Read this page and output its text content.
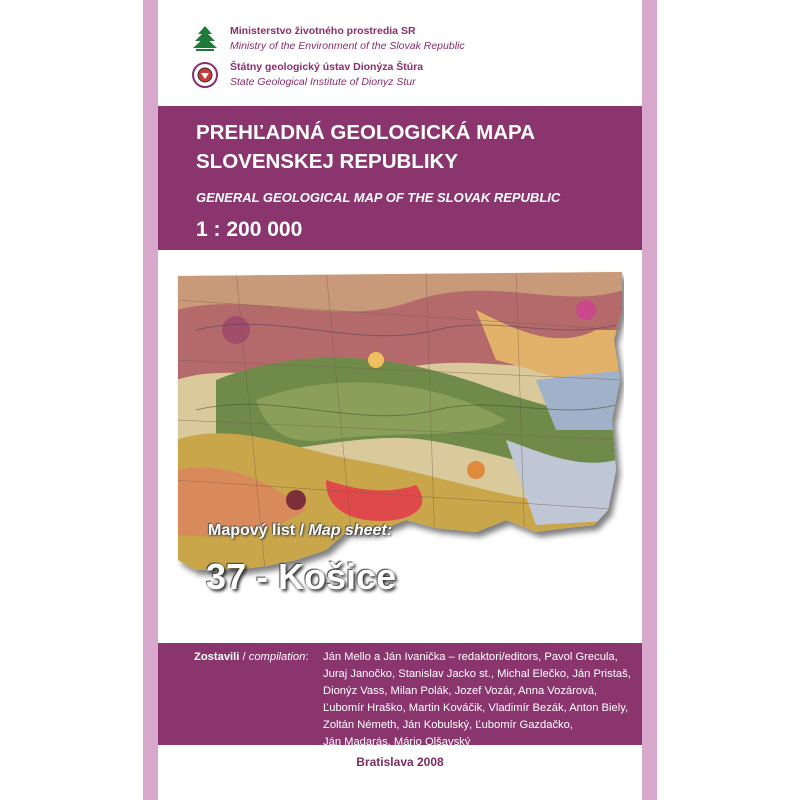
Ministerstvo životného prostredia SR
Ministry of the Environment of the Slovak Republic
Štátny geologický ústav Dionýza Štúra
State Geological Institute of Dionyz Stur
PREHĽADNÁ GEOLOGICKÁ MAPA
SLOVENSKEJ REPUBLIKY
GENERAL GEOLOGICAL MAP OF THE SLOVAK REPUBLIC
1 : 200 000
Mapový list / Map sheet:
37 - Košice
Zostavili / compilation: Ján Mello a Ján Ivanička – redaktori/editors, Pavol Grecula,
Juraj Janočko, Stanislav Jacko st., Michal Elečko, Ján Pristaš,
Dionýz Vass, Milan Polák, Jozef Vozár, Anna Vozárová,
Ľubomír Hraško, Martin Kováčik, Vladimír Bezák, Anton Biely,
Zoltán Németh, Ján Kobulský, Ľubomír Gazdačko,
Ján Madarás, Mário Olšavský
Bratislava 2008
